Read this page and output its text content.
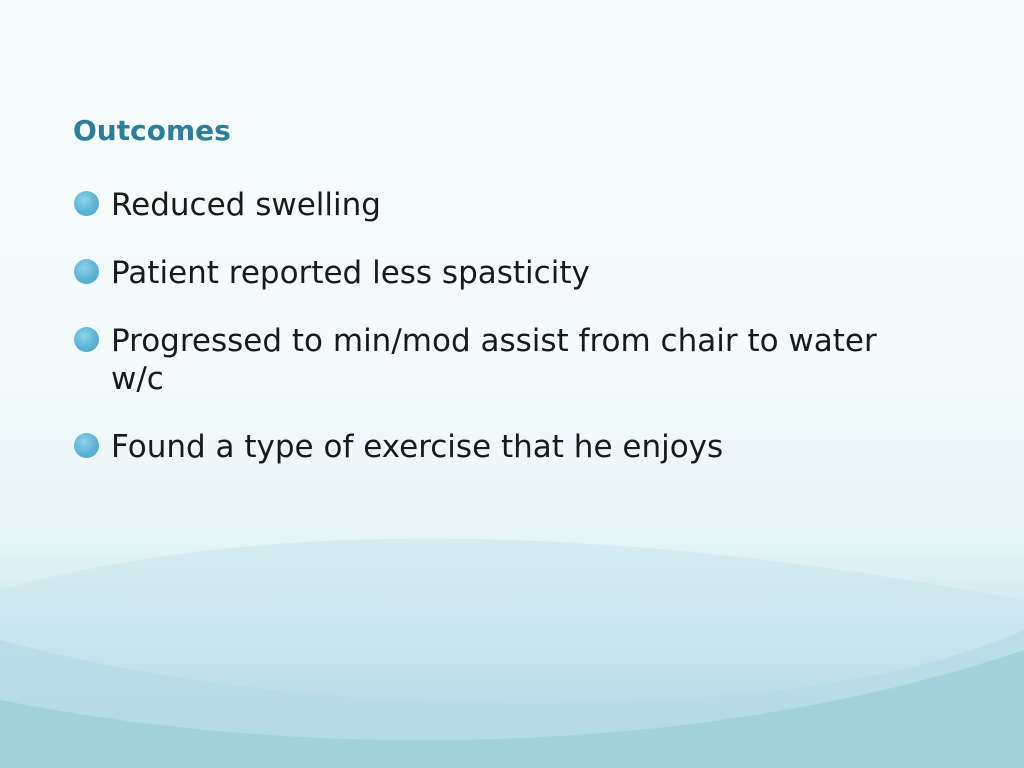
Outcomes
Reduced swelling
Patient reported less spasticity
Progressed to min/mod assist from chair to water w/c
Found a type of exercise that he enjoys
